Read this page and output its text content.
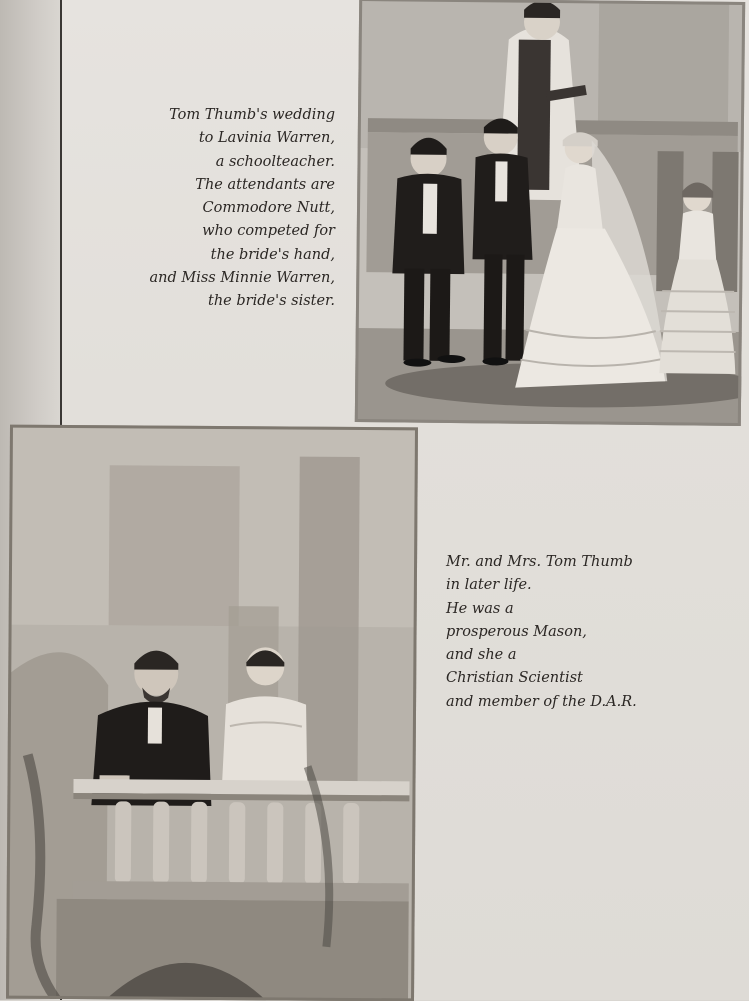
Tom Thumb's wedding
to Lavinia Warren,
a schoolteacher.
The attendants are
Commodore Nutt,
who competed for
the bride's hand,
and Miss Minnie Warren,
the bride's sister.
Mr. and Mrs. Tom Thumb
in later life.
He was a
prosperous Mason,
and she a
Christian Scientist
and member of the D.A.R.
